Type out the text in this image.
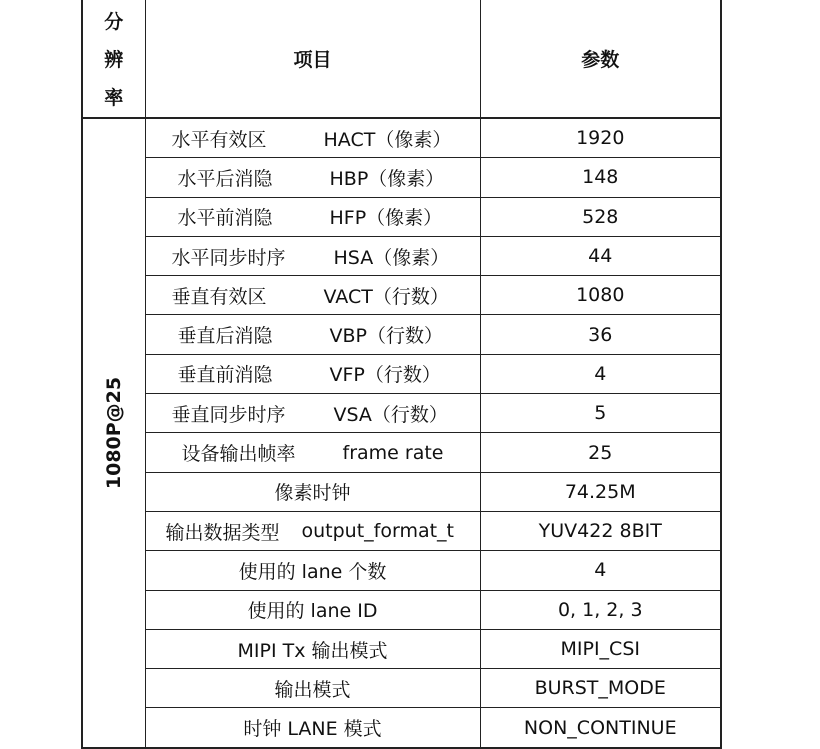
分
辨
率	项目	参数

1080P@25	水平有效区 HACT（像素）	1920

	水平后消隐 HBP（像素）	148

	水平前消隐 HFP（像素）	528

	水平同步时序 HSA（像素）	44

	垂直有效区 VACT（行数）	1080

	垂直后消隐 VBP（行数）	36

	垂直前消隐 VFP（行数）	4

	垂直同步时序 VSA（行数）	5

	设备输出帧率 frame rate	25
	像素时钟	74.25M

	输出数据类型 output_format_t	YUV422 8BIT
	使用的 lane 个数	4
	使用的 lane ID	0, 1, 2, 3
	MIPI Tx 输出模式	MIPI_CSI
	输出模式	BURST_MODE
	时钟 LANE 模式	NON_CONTINUE
